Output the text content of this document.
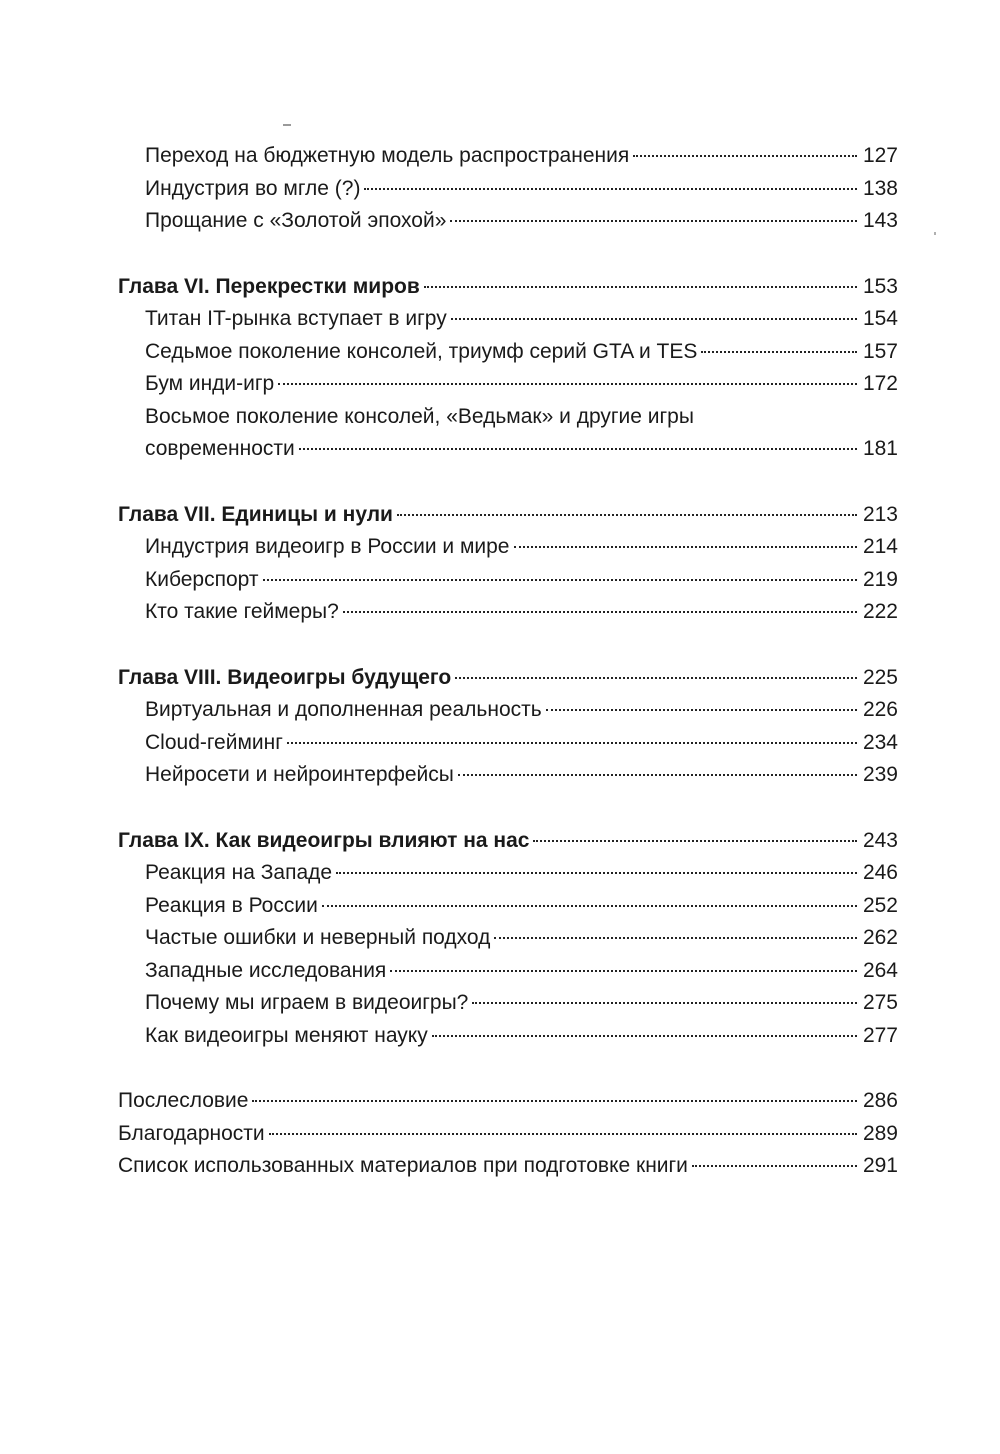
Переход на бюджетную модель распространения	127
Индустрия во мгле (?)	138
Прощание с «Золотой эпохой»	143
Глава VI. Перекрестки миров	153
Титан IT-рынка вступает в игру	154
Седьмое поколение консолей, триумф серий GTA и TES	157
Бум инди-игр	172
Восьмое поколение консолей, «Ведьмак» и другие игры
современности	181
Глава VII. Единицы и нули	213
Индустрия видеоигр в России и мире	214
Киберспорт	219
Кто такие геймеры?	222
Глава VIII. Видеоигры будущего	225
Виртуальная и дополненная реальность	226
Cloud-гейминг	234
Нейросети и нейроинтерфейсы	239
Глава IX. Как видеоигры влияют на нас	243
Реакция на Западе	246
Реакция в России	252
Частые ошибки и неверный подход	262
Западные исследования	264
Почему мы играем в видеоигры?	275
Как видеоигры меняют науку	277
Послесловие	286
Благодарности	289
Список использованных материалов при подготовке книги	291
